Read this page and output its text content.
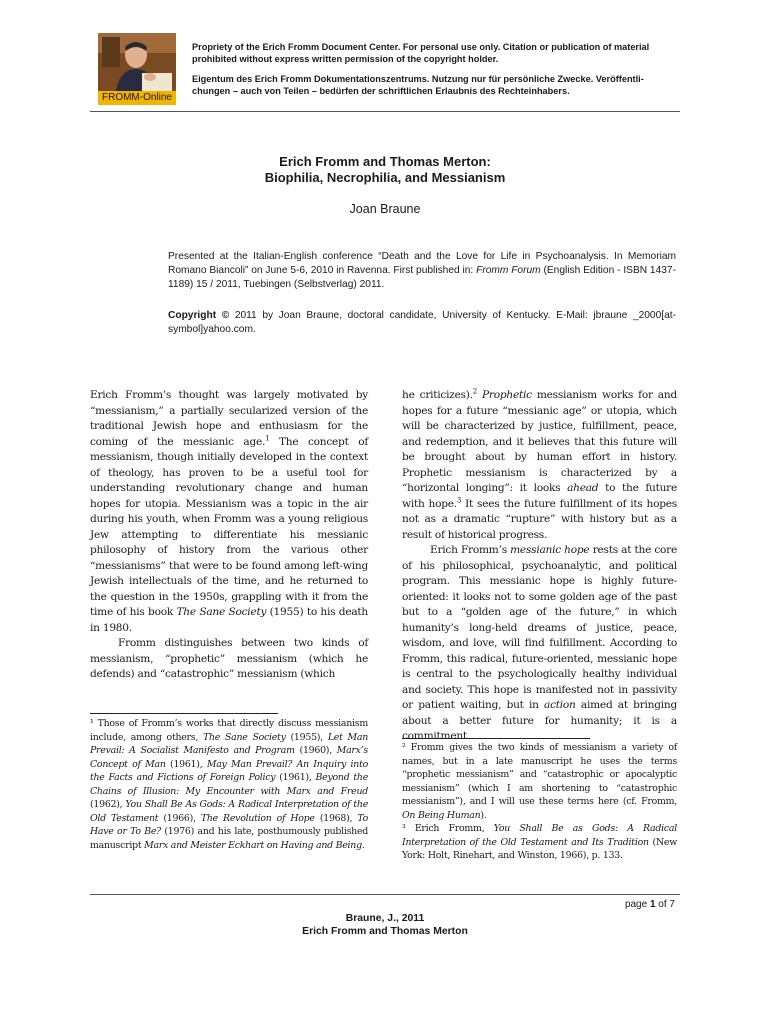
FROMM-Online

Propriety of the Erich Fromm Document Center. For personal use only. Citation or publication of material prohibited without express written permission of the copyright holder.

Eigentum des Erich Fromm Dokumentationszentrums. Nutzung nur für persönliche Zwecke. Veröffentli-chungen – auch von Teilen – bedürfen der schriftlichen Erlaubnis des Rechteinhabers.

Erich Fromm and Thomas Merton:
Biophilia, Necrophilia, and Messianism
Joan Braune
Presented at the Italian-English conference “Death and the Love for Life in Psychoanalysis. In Memoriam Romano Biancoli” on June 5-6, 2010 in Ravenna. First published in: Fromm Forum (English Edition - ISBN 1437-1189) 15 / 2011, Tuebingen (Selbstverlag) 2011.
Copyright © 2011 by Joan Braune, doctoral candidate, University of Kentucky. E-Mail: jbraune _2000[at-symbol]yahoo.com.

Erich Fromm’s thought was largely motivated by “messianism,” a partially secularized version of the traditional Jewish hope and enthusiasm for the coming of the messianic age.$^1$ The concept of messianism, though initially developed in the context of theology, has proven to be a useful tool for understanding revolutionary change and human hopes for utopia. Messianism was a topic in the air during his youth, when Fromm was a young religious Jew attempting to differentiate his messianic philosophy of history from the various other “messianisms” that were to be found among left-wing Jewish intellectuals of the time, and he returned to the question in the 1950s, grappling with it from the time of his book The Sane Society (1955) to his death in 1980.

Fromm distinguishes between two kinds of messianism, “prophetic” messianism (which he defends) and “catastrophic” messianism (which

¹ Those of Fromm’s works that directly discuss messianism include, among others, The Sane Society (1955), Let Man Prevail: A Socialist Manifesto and Program (1960), Marx’s Concept of Man (1961), May Man Prevail? An Inquiry into the Facts and Fictions of Foreign Policy (1961), Beyond the Chains of Illusion: My Encounter with Marx and Freud (1962), You Shall Be As Gods: A Radical Interpretation of the Old Testament (1966), The Revolution of Hope (1968), To Have or To Be? (1976) and his late, posthumously published manuscript Marx and Meister Eckhart on Having and Being.

he criticizes).$^2$ Prophetic messianism works for and hopes for a future “messianic age” or utopia, which will be characterized by justice, fulfillment, peace, and redemption, and it believes that this future will be brought about by human effort in history. Prophetic messianism is characterized by a “horizontal longing”: it looks ahead to the future with hope.$^3$ It sees the future fulfillment of its hopes not as a dramatic “rupture” with history but as a result of historical progress.

Erich Fromm’s messianic hope rests at the core of his philosophical, psychoanalytic, and political program. This messianic hope is highly future-oriented: it looks not to some golden age of the past but to a “golden age of the future,” in which humanity’s long-held dreams of justice, peace, wisdom, and love, will find fulfillment. According to Fromm, this radical, future-oriented, messianic hope is central to the psychologically healthy individual and society. This hope is manifested not in passivity or patient waiting, but in action aimed at bringing about a better future for humanity; it is a commitment

² Fromm gives the two kinds of messianism a variety of names, but in a late manuscript he uses the terms “prophetic messianism” and “catastrophic or apocalyptic messianism” (which I am shortening to “catastrophic messianism”), and I will use these terms here (cf. Fromm, On Being Human).

³ Erich Fromm, You Shall Be as Gods: A Radical Interpretation of the Old Testament and Its Tradition (New York: Holt, Rinehart, and Winston, 1966), p. 133.

page 1 of 7
Braune, J., 2011
Erich Fromm and Thomas Merton
